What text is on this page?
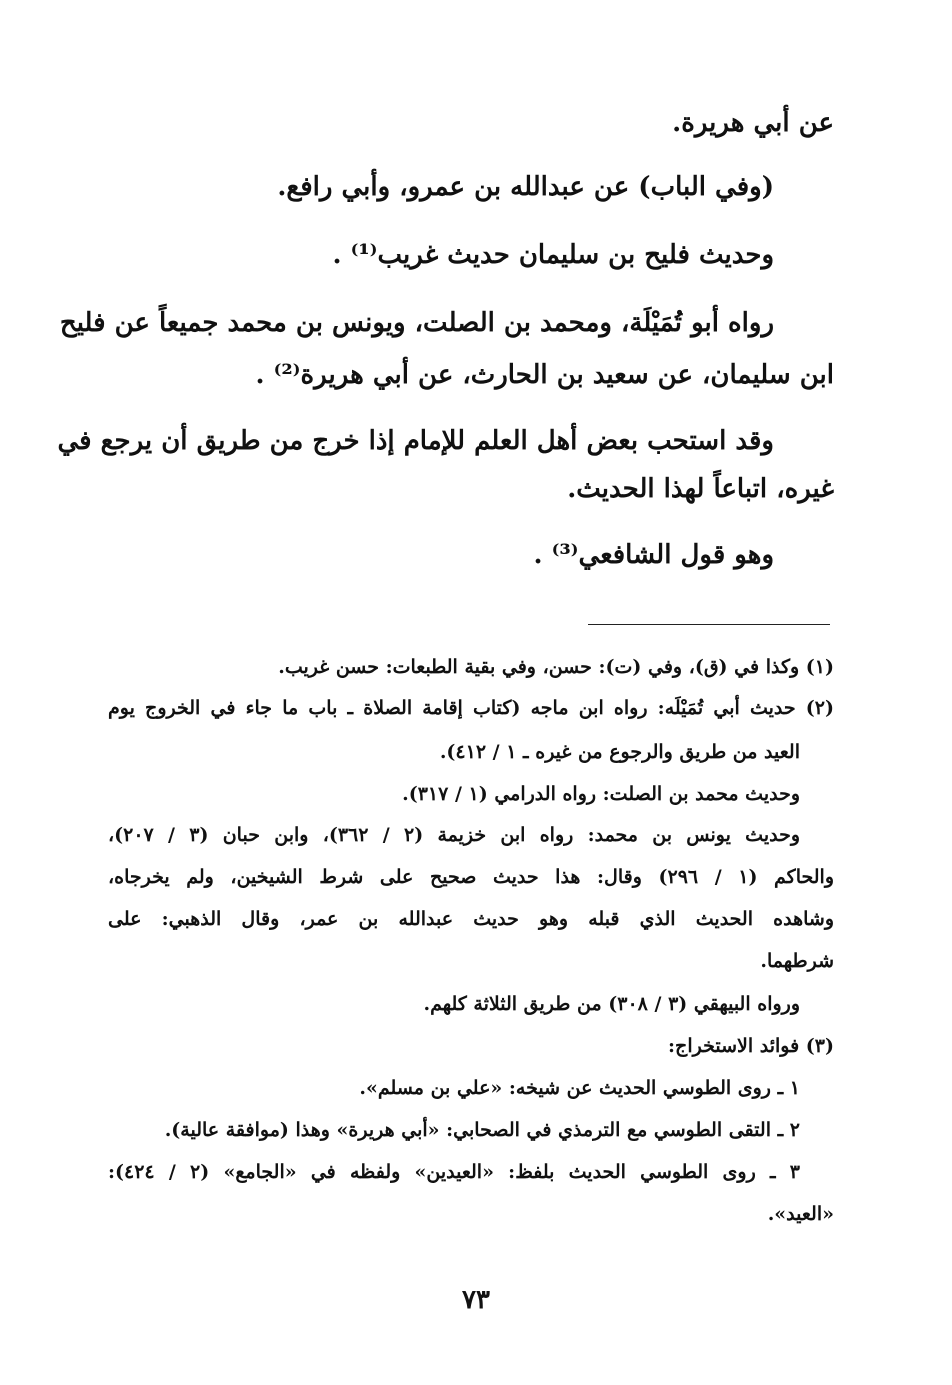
عن أبي هريرة.
(وفي الباب) عن عبدالله بن عمرو، وأبي رافع.
وحديث فليح بن سليمان حديث غريب⁽¹⁾ .
رواه أبو تُمَيْلَة، ومحمد بن الصلت، ويونس بن محمد جميعاً عن فليح
ابن سليمان، عن سعيد بن الحارث، عن أبي هريرة⁽²⁾ .
وقد استحب بعض أهل العلم للإمام إذا خرج من طريق أن يرجع في
غيره، اتباعاً لهذا الحديث.
وهو قول الشافعي⁽³⁾ .
(١) وكذا في (ق)، وفي (ت): حسن، وفي بقية الطبعات: حسن غريب.
(٢) حديث أبي تُمَيْلَه: رواه ابن ماجه (كتاب إقامة الصلاة ـ باب ما جاء في الخروج يوم
العيد من طريق والرجوع من غيره ـ ١ / ٤١٢).
وحديث محمد بن الصلت: رواه الدرامي (١ / ٣١٧).
وحديث يونس بن محمد: رواه ابن خزيمة (٢ / ٣٦٢)، وابن حبان (٣ / ٢٠٧)،
والحاكم (١ / ٢٩٦) وقال: هذا حديث صحيح على شرط الشيخين، ولم يخرجاه،
وشاهده الحديث الذي قبله وهو حديث عبدالله بن عمر، وقال الذهبي: على
شرطهما.
ورواه البيهقي (٣ / ٣٠٨) من طريق الثلاثة كلهم.
(٣) فوائد الاستخراج:
١ ـ روى الطوسي الحديث عن شيخه: «علي بن مسلم».
٢ ـ التقى الطوسي مع الترمذي في الصحابي: «أبي هريرة» وهذا (موافقة عالية).
٣ ـ روى الطوسي الحديث بلفظ: «العيدين» ولفظه في «الجامع» (٢ / ٤٢٤):
«العيد».
٧٣
